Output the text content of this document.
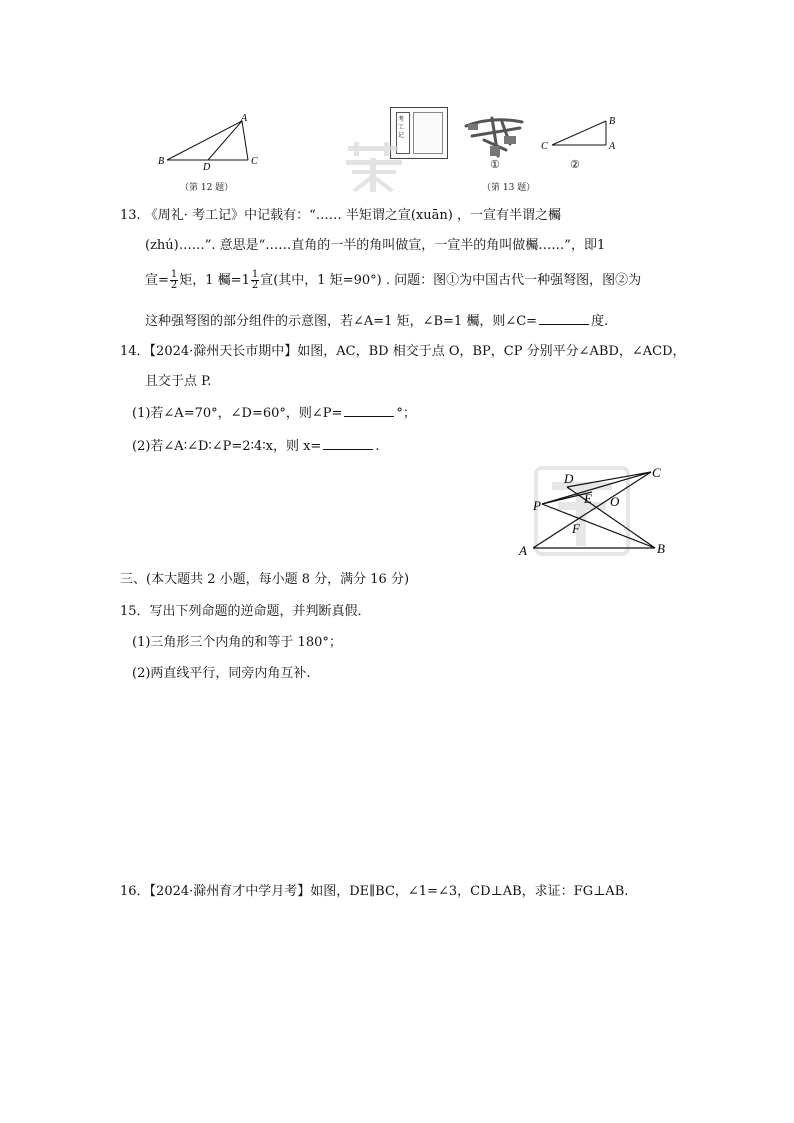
A
B	C
D
（第 12 题）
考工记
①
B
A
C
②
（第 13 题）
13. 《周礼· 考工记》中记载有：“…… 半矩谓之宣(xuān) ，一宣有半谓之欘
(zhú)……”. 意思是“……直角的一半的角叫做宣，一宣半的角叫做欘……”，即1
宣= $\frac{1}{2}$ 矩，1 欘$=1 \frac{1}{2}$ 宣(其中，1 矩=90°) . 问题：图①为中国古代一种强弩图，图②为
这种强弩图的部分组件的示意图，若∠A=1 矩，∠B=1 欘，则∠C=	度.
14．【2024·滁州天长市期中】如图，AC，BD 相交于点 O，BP，CP 分别平分∠ABD，∠ACD，
且交于点 P.
(1)若∠A=70°，∠D=60°，则∠P=	°；
(2)若∠A∶∠D∶∠P=2∶4∶x，则 x=	.
C
D
E O
P
F
A	B
三、(本大题共 2 小题，每小题 8 分，满分 16 分)
15．写出下列命题的逆命题，并判断真假．
(1)三角形三个内角的和等于 180°；
(2)两直线平行，同旁内角互补.
16．【2024·滁州育才中学月考】如图，DE∥BC，∠1=∠3，CD⊥AB，求证：FG⊥AB.
